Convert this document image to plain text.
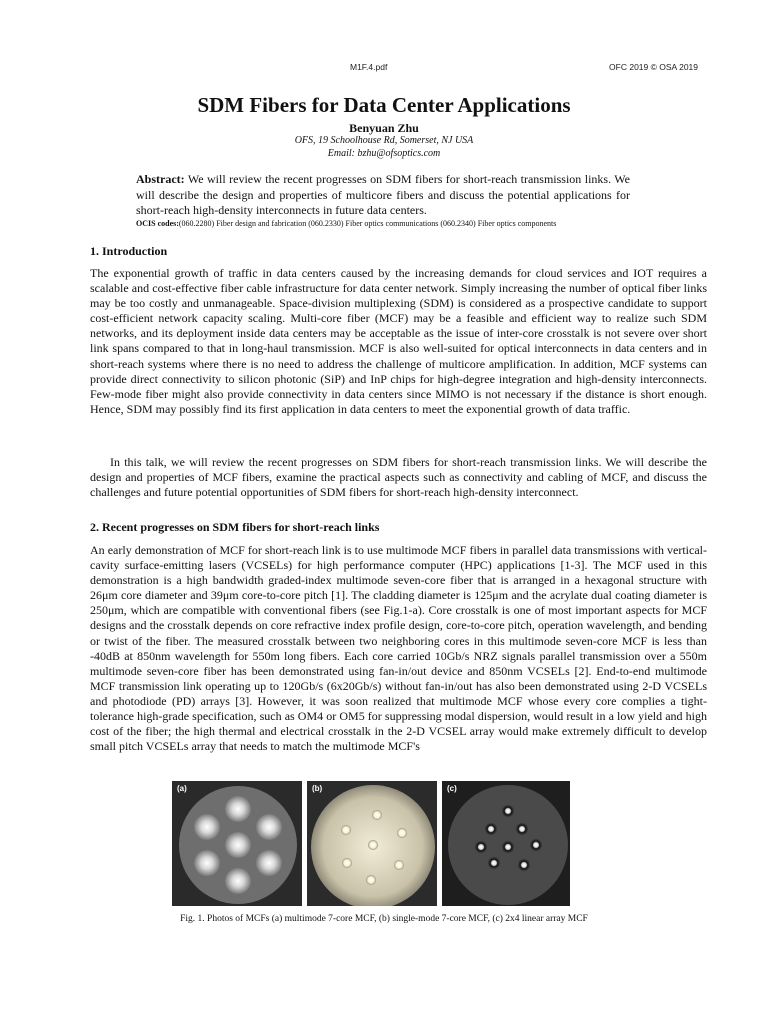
M1F.4.pdf	OFC 2019 © OSA 2019
SDM Fibers for Data Center Applications
Benyuan Zhu
OFS, 19 Schoolhouse Rd, Somerset, NJ USA
Email: bzhu@ofsoptics.com

Abstract: We will review the recent progresses on SDM fibers for short-reach transmission links. We will describe the design and properties of multicore fibers and discuss the potential applications for short-reach high-density interconnects in future data centers.

OCIS codes:(060.2280) Fiber design and fabrication (060.2330) Fiber optics communications (060.2340) Fiber optics components

1. Introduction

The exponential growth of traffic in data centers caused by the increasing demands for cloud services and IOT requires a scalable and cost-effective fiber cable infrastructure for data center network. Simply increasing the number of optical fiber links may be too costly and unmanageable. Space-division multiplexing (SDM) is considered as a prospective candidate to support cost-efficient network capacity scaling. Multi-core fiber (MCF) may be a feasible and efficient way to realize such SDM networks, and its deployment inside data centers may be acceptable as the issue of inter-core crosstalk is not severe over short link spans compared to that in long-haul transmission. MCF is also well-suited for optical interconnects in data centers and in short-reach systems where there is no need to address the challenge of multicore amplification. In addition, MCF systems can provide direct connectivity to silicon photonic (SiP) and InP chips for high-degree integration and high-density interconnects. Few-mode fiber might also provide connectivity in data centers since MIMO is not necessary if the distance is short enough. Hence, SDM may possibly find its first application in data centers to meet the exponential growth of data traffic.

In this talk, we will review the recent progresses on SDM fibers for short-reach transmission links. We will describe the design and properties of MCF fibers, examine the practical aspects such as connectivity and cabling of MCF, and discuss the challenges and future potential opportunities of SDM fibers for short-reach high-density interconnect.

2. Recent progresses on SDM fibers for short-reach links

An early demonstration of MCF for short-reach link is to use multimode MCF fibers in parallel data transmissions with vertical-cavity surface-emitting lasers (VCSELs) for high performance computer (HPC) applications [1-3]. The MCF used in this demonstration is a high bandwidth graded-index multimode seven-core fiber that is arranged in a hexagonal structure with 26μm core diameter and 39μm core-to-core pitch [1]. The cladding diameter is 125μm and the acrylate dual coating diameter is 250μm, which are compatible with conventional fibers (see Fig.1-a). Core crosstalk is one of most important aspects for MCF designs and the crosstalk depends on core refractive index profile design, core-to-core pitch, operation wavelength, and bending or twist of the fiber. The measured crosstalk between two neighboring cores in this multimode seven-core MCF is less than -40dB at 850nm wavelength for 550m long fibers. Each core carried 10Gb/s NRZ signals parallel transmission over a 550m multimode seven-core fiber has been demonstrated using fan-in/out device and 850nm VCSELs [2]. End-to-end multimode MCF transmission link operating up to 120Gb/s (6x20Gb/s) without fan-in/out has also been demonstrated using 2-D VCSELs and photodiode (PD) arrays [3]. However, it was soon realized that multimode MCF whose every core complies a tight-tolerance high-grade specification, such as OM4 or OM5 for suppressing modal dispersion, would result in a low yield and high cost of the fiber; the high thermal and electrical crosstalk in the 2-D VCSEL array would make extremely difficult to develop small pitch VCSELs array that needs to match the multimode MCF's

(a)	(b)	(c)

Fig. 1. Photos of MCFs (a) multimode 7-core MCF, (b) single-mode 7-core MCF, (c) 2x4 linear array MCF
